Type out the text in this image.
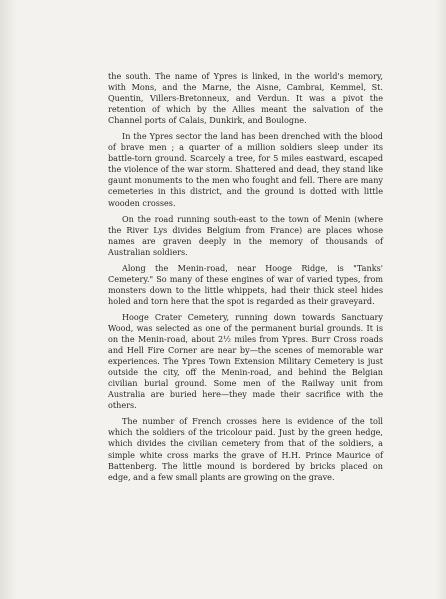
the south. The name of Ypres is linked, in the world's memory, with Mons, and the Marne, the Aisne, Cambrai, Kemmel, St. Quentin, Villers-Bretonneux, and Verdun. It was a pivot the retention of which by the Allies meant the salvation of the Channel ports of Calais, Dunkirk, and Boulogne.

In the Ypres sector the land has been drenched with the blood of brave men ; a quarter of a million soldiers sleep under its battle-torn ground. Scarcely a tree, for 5 miles eastward, escaped the violence of the war storm. Shattered and dead, they stand like gaunt monuments to the men who fought and fell. There are many cemeteries in this district, and the ground is dotted with little wooden crosses.

On the road running south-east to the town of Menin (where the River Lys divides Belgium from France) are places whose names are graven deeply in the memory of thousands of Australian soldiers.

Along the Menin-road, near Hooge Ridge, is "Tanks' Cemetery." So many of these engines of war of varied types, from monsters down to the little whippets, had their thick steel hides holed and torn here that the spot is regarded as their graveyard.

Hooge Crater Cemetery, running down towards Sanctuary Wood, was selected as one of the permanent burial grounds. It is on the Menin-road, about 2½ miles from Ypres. Burr Cross roads and Hell Fire Corner are near by—the scenes of memorable war experiences. The Ypres Town Extension Military Cemetery is just outside the city, off the Menin-road, and behind the Belgian civilian burial ground. Some men of the Railway unit from Australia are buried here—they made their sacrifice with the others.

The number of French crosses here is evidence of the toll which the soldiers of the tricolour paid. Just by the green hedge, which divides the civilian cemetery from that of the soldiers, a simple white cross marks the grave of H.H. Prince Maurice of Battenberg. The little mound is bordered by bricks placed on edge, and a few small plants are growing on the grave.
